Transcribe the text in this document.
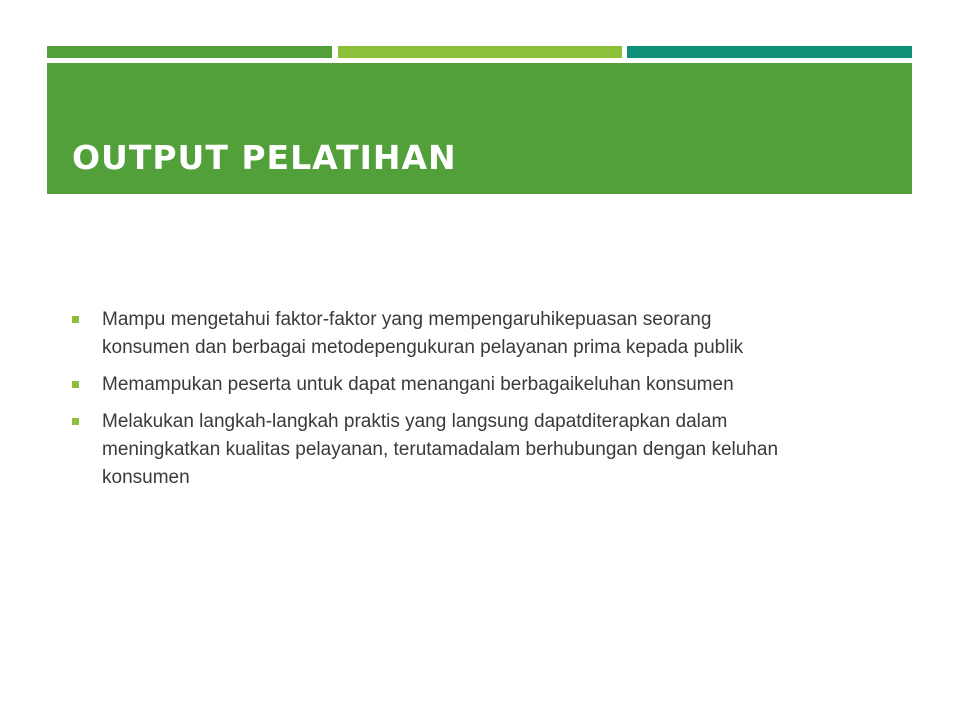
OUTPUT PELATIHAN
Mampu mengetahui faktor-faktor yang mempengaruhikepuasan seorang
konsumen dan berbagai metodepengukuran pelayanan prima kepada publik
Memampukan peserta untuk dapat menangani berbagaikeluhan konsumen
Melakukan langkah-langkah praktis yang langsung dapatditerapkan dalam
meningkatkan kualitas pelayanan, terutamadalam berhubungan dengan keluhan
konsumen
